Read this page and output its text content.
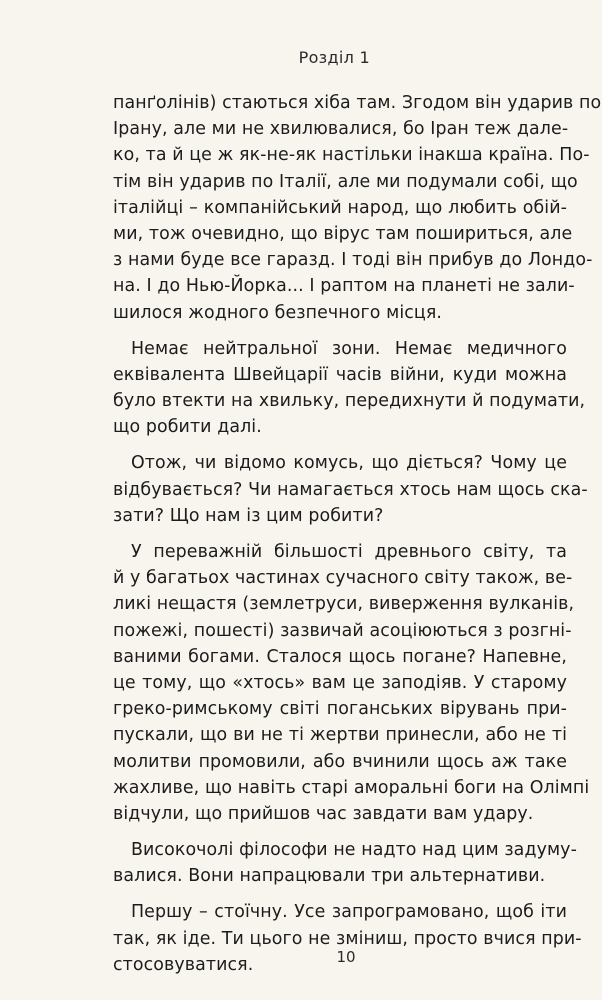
Розділ 1
панґолінів) стаються хіба там. Згодом він ударив по
Ірану, але ми не хвилювалися, бо Іран теж дале-
ко, та й це ж як-не-як настільки інакша країна. По-
тім він ударив по Італії, але ми подумали собі, що
італійці – компанійський народ, що любить обій-
ми, тож очевидно, що вірус там пошириться, але
з нами буде все гаразд. І тоді він прибув до Лондо-
на. І до Нью-Йорка... І раптом на планеті не зали-
шилося жодного безпечного місця.
Немає нейтральної зони. Немає медичного
еквівалента Швейцарії часів війни, куди можна
було втекти на хвильку, передихнути й подумати,
що робити далі.
Отож, чи відомо комусь, що діється? Чому це
відбувається? Чи намагається хтось нам щось ска-
зати? Що нам із цим робити?
У переважній більшості древнього світу, та
й у багатьох частинах сучасного світу також, ве-
ликі нещастя (землетруси, виверження вулканів,
пожежі, пошесті) зазвичай асоціюються з розгні-
ваними богами. Сталося щось погане? Напевне,
це тому, що «хтось» вам це заподіяв. У старому
греко-римському світі поганських вірувань при-
пускали, що ви не ті жертви принесли, або не ті
молитви промовили, або вчинили щось аж таке
жахливе, що навіть старі аморальні боги на Олімпі
відчули, що прийшов час завдати вам удару.
Високочолі філософи не надто над цим задуму-
валися. Вони напрацювали три альтернативи.
Першу – стоїчну. Усе запрограмовано, щоб іти
так, як іде. Ти цього не зміниш, просто вчися при-
стосовуватися.	10
